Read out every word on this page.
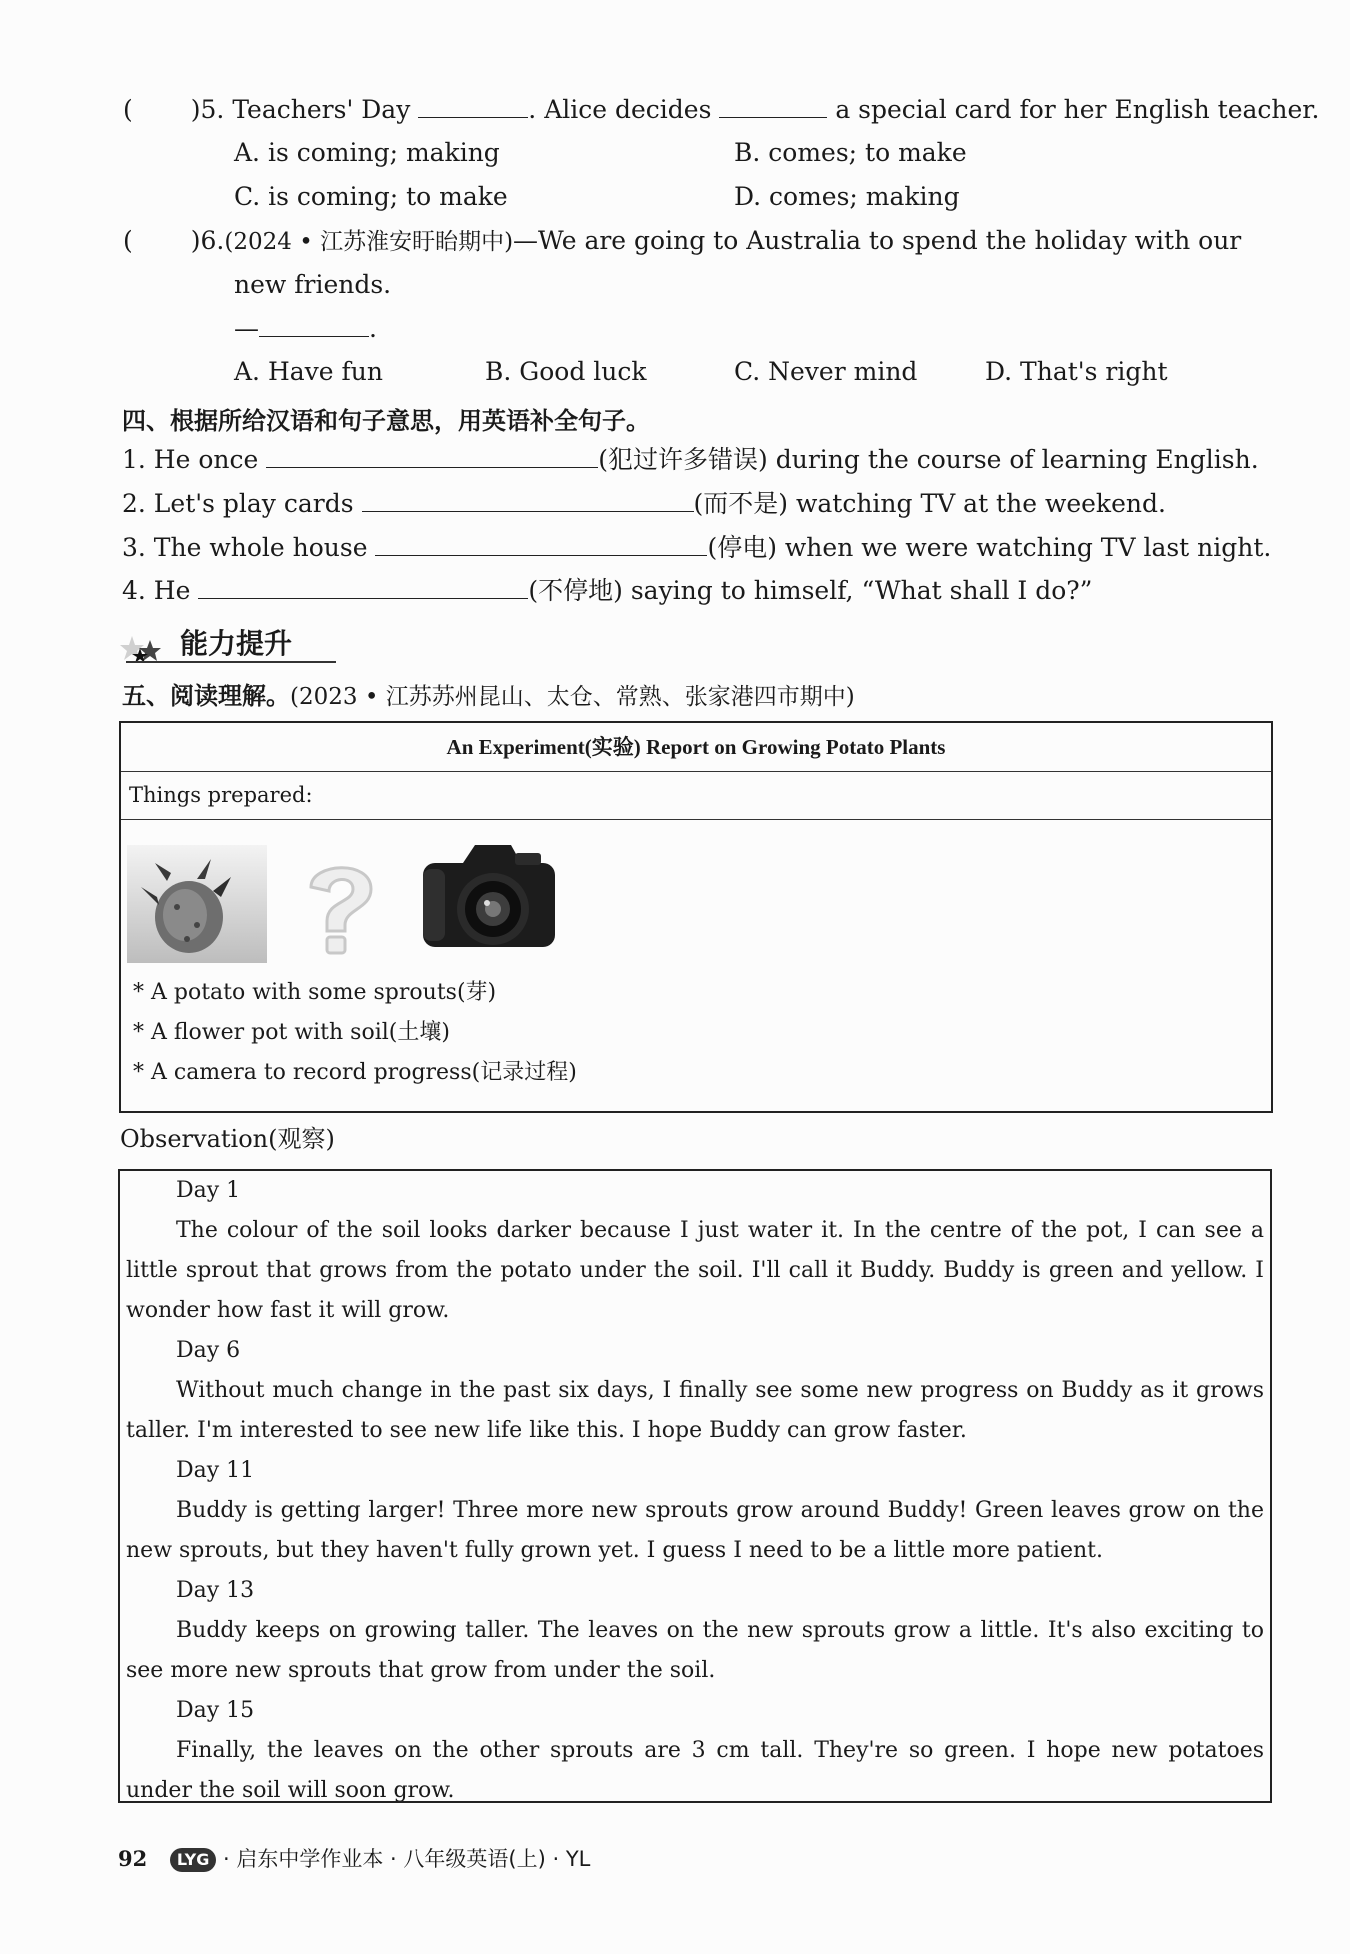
( )5. Teachers' Day	. Alice decides	a special card for her English teacher.
A. is coming; making	B. comes; to make
C. is coming; to make	D. comes; making
( )6.(2024 • 江苏淮安盱眙期中)—We are going to Australia to spend the holiday with our
new friends.
—	.
A. Have fun	B. Good luck	C. Never mind	D. That's right
四、根据所给汉语和句子意思，用英语补全句子。
1. He once	(犯过许多错误) during the course of learning English.
2. Let's play cards	(而不是) watching TV at the weekend.
3. The whole house	(停电) when we were watching TV last night.
4. He	(不停地) saying to himself, “What shall I do?”
能力提升
五、阅读理解。(2023 • 江苏苏州昆山、太仓、常熟、张家港四市期中)
An Experiment(实验) Report on Growing Potato Plants
Things prepared:
* A potato with some sprouts(芽)
* A flower pot with soil(土壤)
* A camera to record progress(记录过程)
Observation(观察)
Day 1
The colour of the soil looks darker because I just water it. In the centre of the pot, I can see a little sprout that grows from the potato under the soil. I'll call it Buddy. Buddy is green and yellow. I wonder how fast it will grow.
Day 6
Without much change in the past six days, I finally see some new progress on Buddy as it grows taller. I'm interested to see new life like this. I hope Buddy can grow faster.
Day 11
Buddy is getting larger! Three more new sprouts grow around Buddy! Green leaves grow on the new sprouts, but they haven't fully grown yet. I guess I need to be a little more patient.
Day 13
Buddy keeps on growing taller. The leaves on the new sprouts grow a little. It's also exciting to see more new sprouts that grow from under the soil.
Day 15
Finally, the leaves on the other sprouts are 3 cm tall. They're so green. I hope new potatoes under the soil will soon grow.
92 LYG · 启东中学作业本 · 八年级英语(上) · YL
